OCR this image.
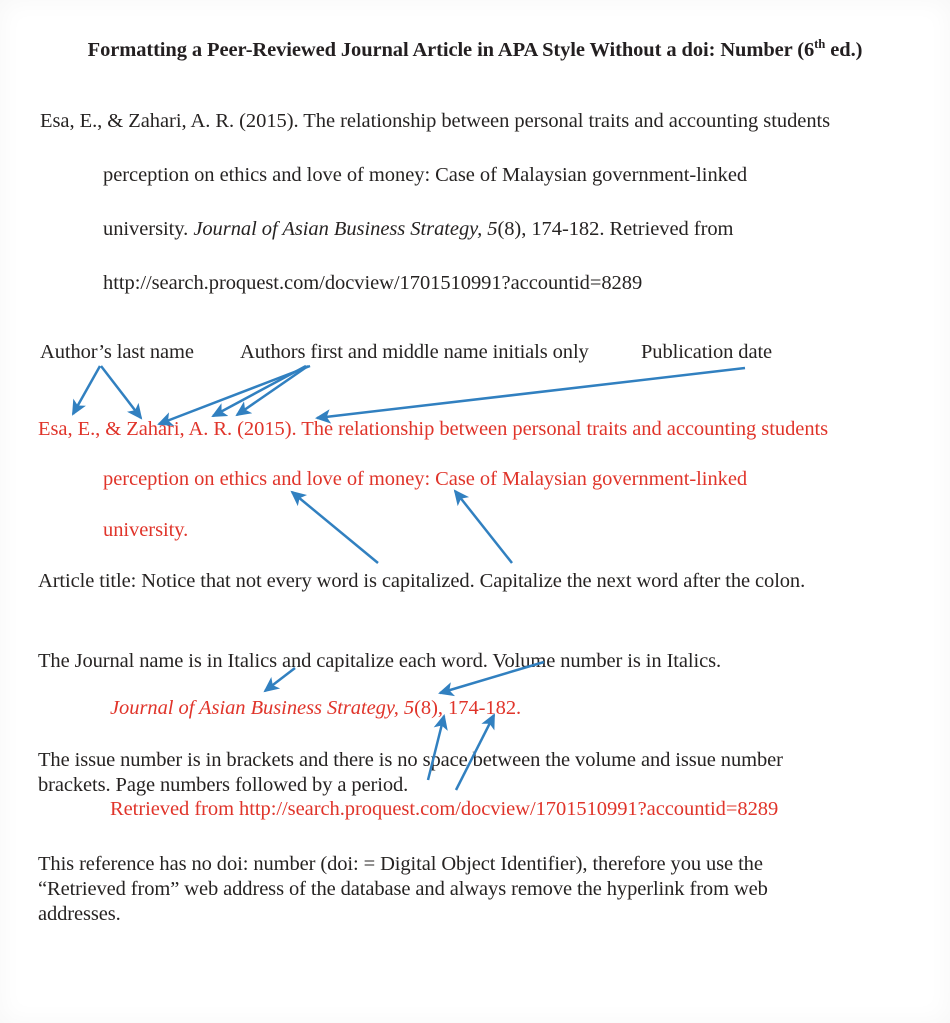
Formatting a Peer-Reviewed Journal Article in APA Style Without a doi: Number (6th ed.)
Esa, E., & Zahari, A. R. (2015). The relationship between personal traits and accounting students
perception on ethics and love of money: Case of Malaysian government-linked
university. Journal of Asian Business Strategy, 5(8), 174-182. Retrieved from
http://search.proquest.com/docview/1701510991?accountid=8289
Author’s last name Authors first and middle name initials only	Publication date
Esa, E., & Zahari, A. R. (2015). The relationship between personal traits and accounting students
perception on ethics and love of money: Case of Malaysian government-linked
university.
Article title: Notice that not every word is capitalized. Capitalize the next word after the colon.
The Journal name is in Italics and capitalize each word. Volume number is in Italics.
Journal of Asian Business Strategy, 5(8), 174-182.
The issue number is in brackets and there is no space between the volume and issue number
brackets. Page numbers followed by a period.
Retrieved from http://search.proquest.com/docview/1701510991?accountid=8289
This reference has no doi: number (doi: = Digital Object Identifier), therefore you use the
“Retrieved from” web address of the database and always remove the hyperlink from web
addresses.
